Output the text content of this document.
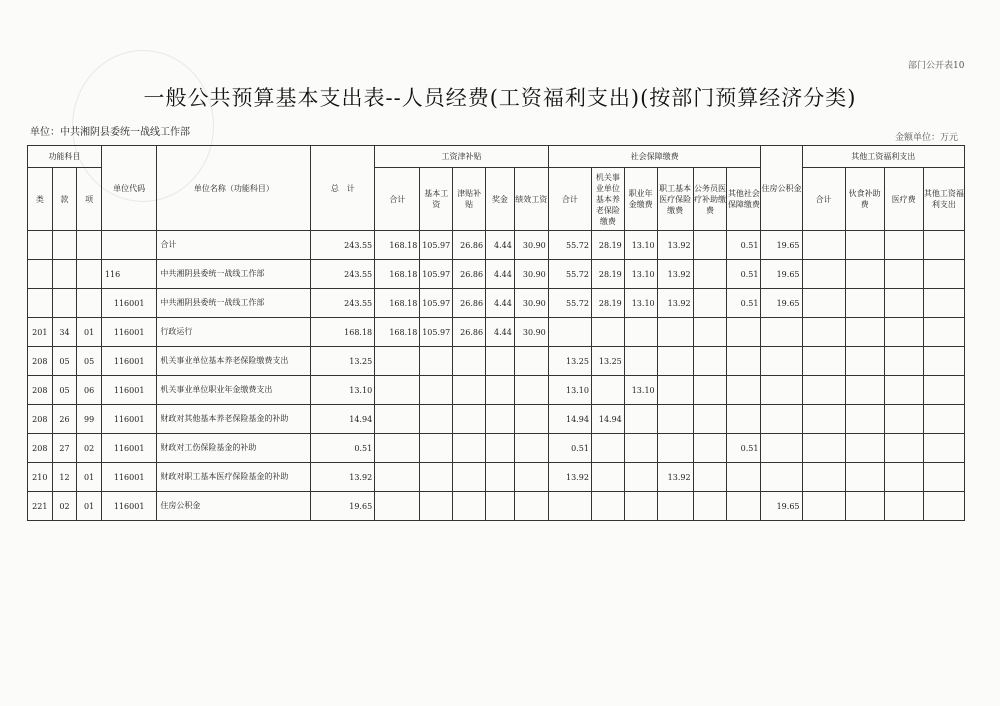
部门公开表10
一般公共预算基本支出表--人员经费(工资福利支出)(按部门预算经济分类)
单位：中共湘阴县委统一战线工作部	金额单位：万元
功能科目			单位代码	单位名称（功能科目）	总　计	工资津补贴					社会保障缴费						住房公积金	其他工资福利支出			
类	款	项				合计	基本工资	津贴补贴	奖金	绩效工资	合计	机关事业单位基本养老保险缴费	职业年金缴费	职工基本医疗保险缴费	公务员医疗补助缴费	其他社会保障缴费		合计	伙食补助费	医疗费	其他工资福利支出
				合计	243.55	168.18	105.97	26.86	4.44	30.90	55.72	28.19	13.10	13.92		0.51	19.65				
			116	中共湘阴县委统一战线工作部	243.55	168.18	105.97	26.86	4.44	30.90	55.72	28.19	13.10	13.92		0.51	19.65				
			116001	中共湘阴县委统一战线工作部	243.55	168.18	105.97	26.86	4.44	30.90	55.72	28.19	13.10	13.92		0.51	19.65				
201	34	01	116001	行政运行	168.18	168.18	105.97	26.86	4.44	30.90											
208	05	05	116001	机关事业单位基本养老保险缴费支出	13.25						13.25	13.25									
208	05	06	116001	机关事业单位职业年金缴费支出	13.10						13.10		13.10								
208	26	99	116001	财政对其他基本养老保险基金的补助	14.94						14.94	14.94									
208	27	02	116001	财政对工伤保险基金的补助	0.51						0.51					0.51					
210	12	01	116001	财政对职工基本医疗保险基金的补助	13.92						13.92			13.92							
221	02	01	116001	住房公积金	19.65												19.65				
